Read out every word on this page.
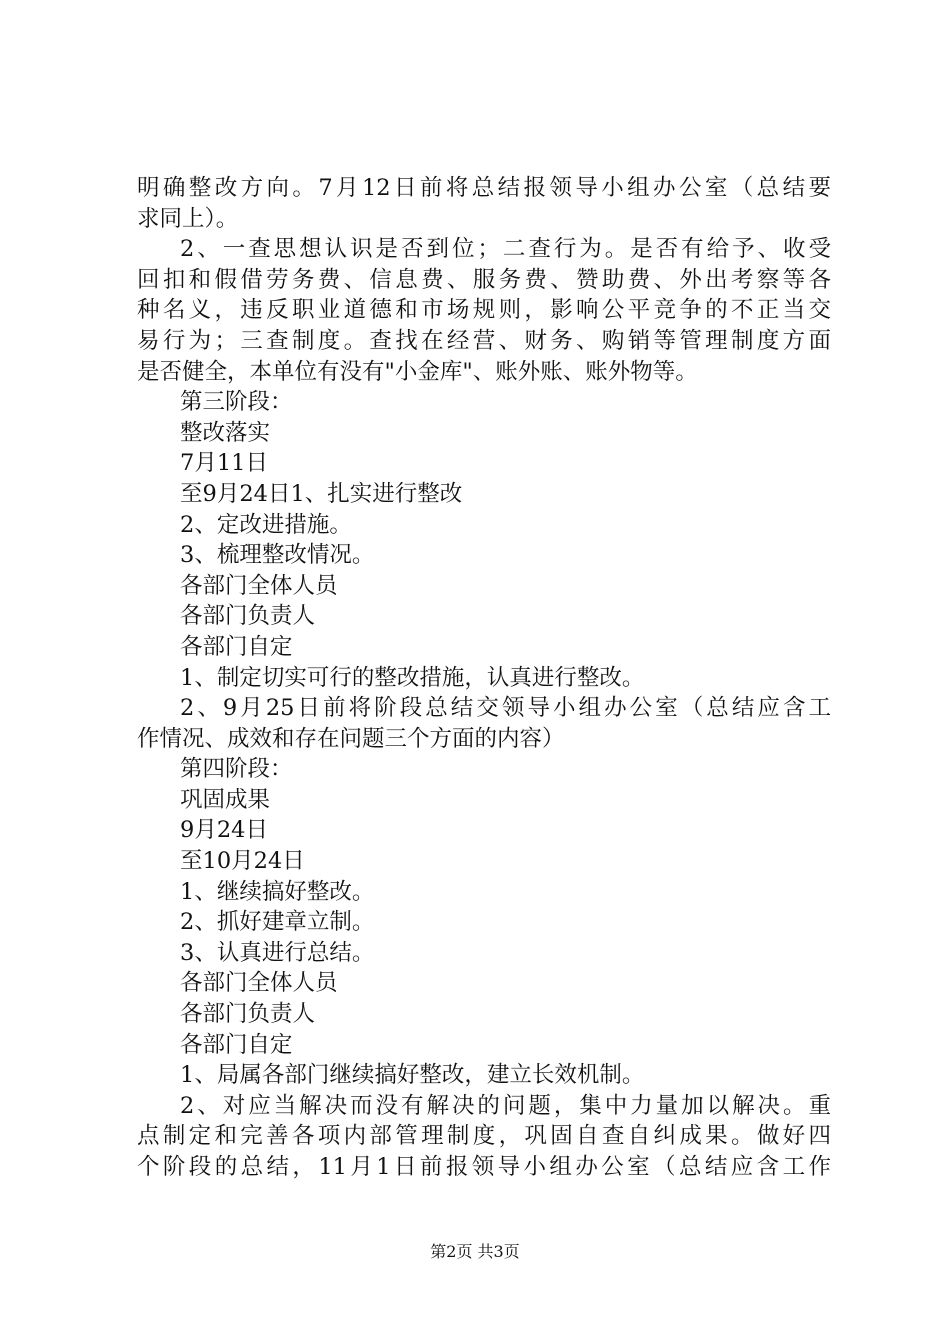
明确整改方向。7月12日前将总结报领导小组办公室（总结要
求同上）。
2、一查思想认识是否到位；二查行为。是否有给予、收受
回扣和假借劳务费、信息费、服务费、赞助费、外出考察等各
种名义，违反职业道德和市场规则，影响公平竞争的不正当交
易行为；三查制度。查找在经营、财务、购销等管理制度方面
是否健全，本单位有没有"小金库"、账外账、账外物等。
第三阶段：
整改落实
7月11日
至9月24日1、扎实进行整改
2、定改进措施。
3、梳理整改情况。
各部门全体人员
各部门负责人
各部门自定
1、制定切实可行的整改措施，认真进行整改。
2、9月25日前将阶段总结交领导小组办公室（总结应含工
作情况、成效和存在问题三个方面的内容）
第四阶段：
巩固成果
9月24日
至10月24日
1、继续搞好整改。
2、抓好建章立制。
3、认真进行总结。
各部门全体人员
各部门负责人
各部门自定
1、局属各部门继续搞好整改，建立长效机制。
2、对应当解决而没有解决的问题，集中力量加以解决。重
点制定和完善各项内部管理制度，巩固自查自纠成果。做好四
个阶段的总结，11月1日前报领导小组办公室（总结应含工作
第2页 共3页
